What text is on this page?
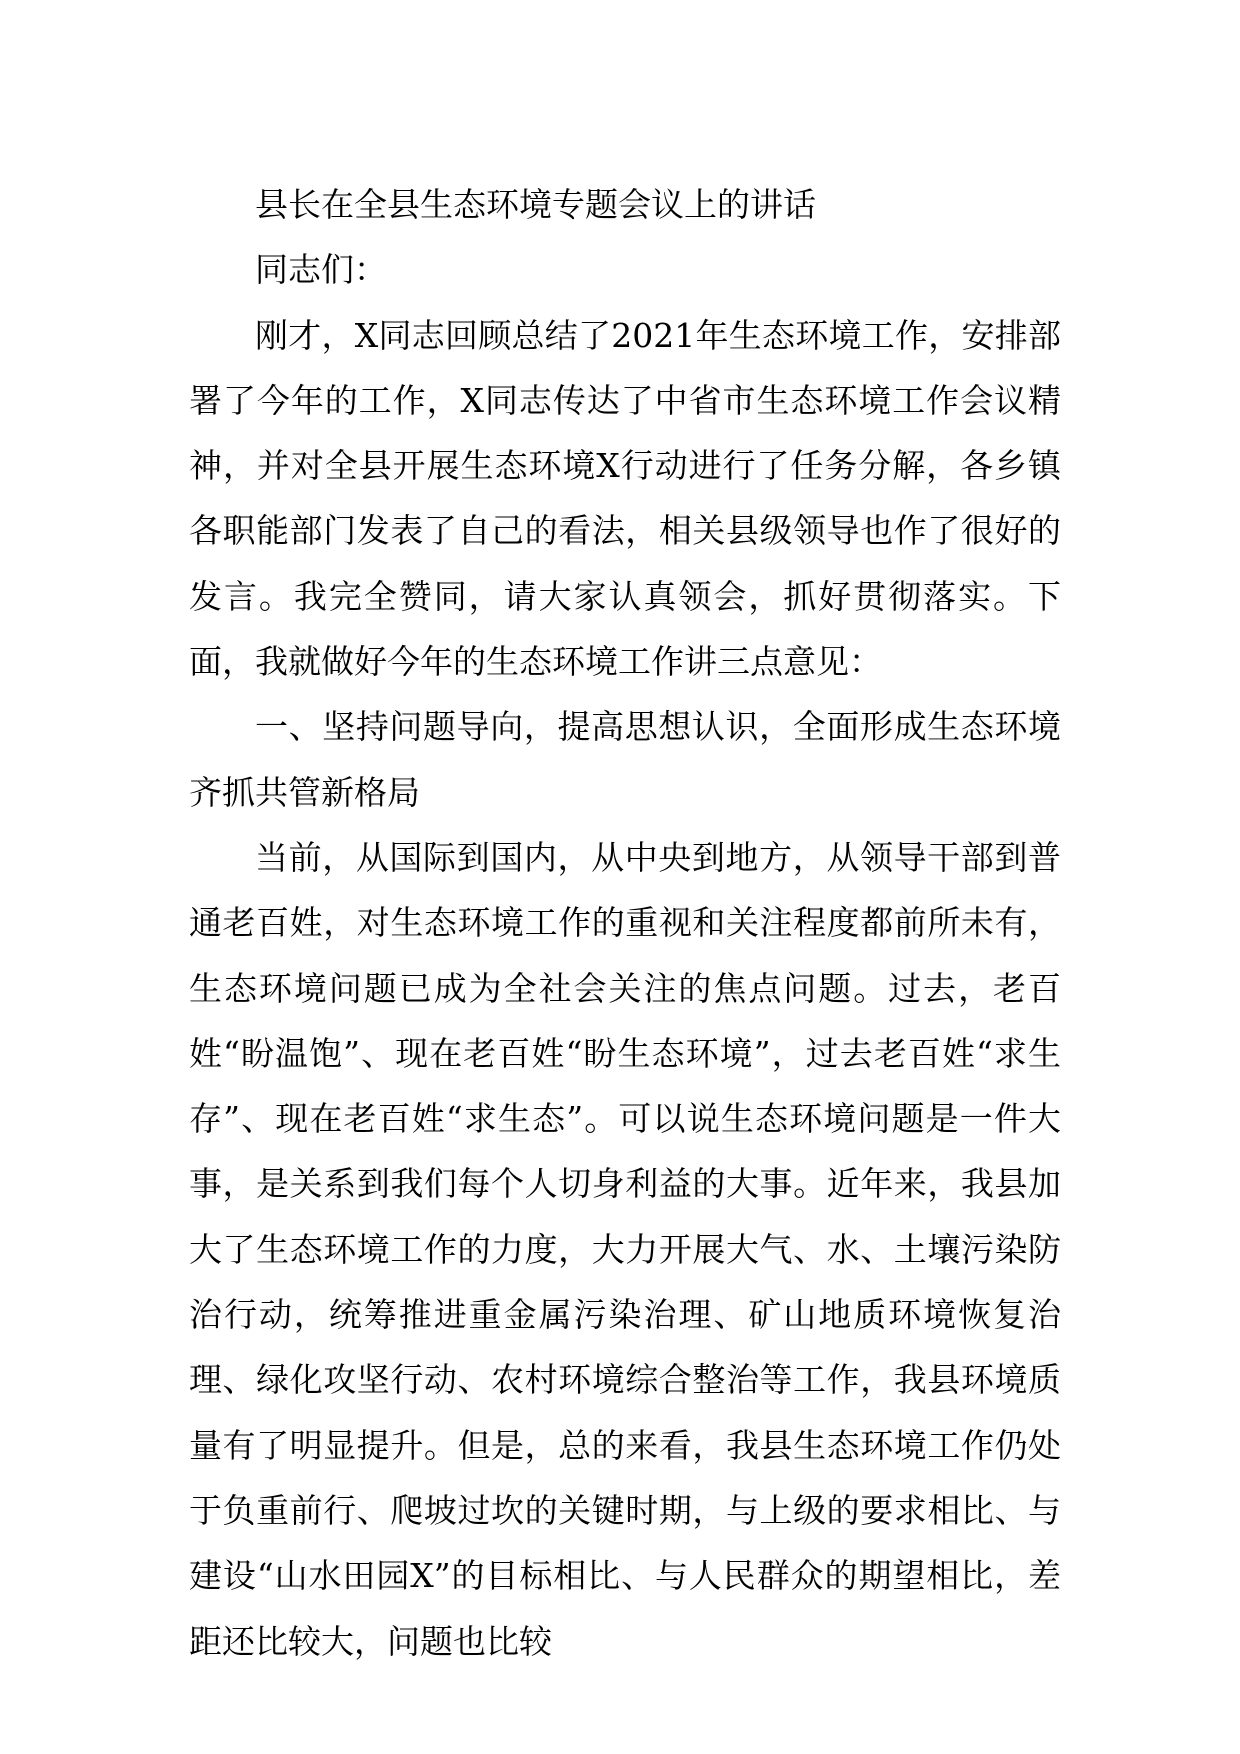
县长在全县生态环境专题会议上的讲话

同志们：

刚才，X同志回顾总结了2021年生态环境工作，安排部署了今年的工作，X同志传达了中省市生态环境工作会议精神，并对全县开展生态环境X行动进行了任务分解，各乡镇各职能部门发表了自己的看法，相关县级领导也作了很好的发言。我完全赞同，请大家认真领会，抓好贯彻落实。下面，我就做好今年的生态环境工作讲三点意见：

一、坚持问题导向，提高思想认识，全面形成生态环境齐抓共管新格局

当前，从国际到国内，从中央到地方，从领导干部到普通老百姓，对生态环境工作的重视和关注程度都前所未有，生态环境问题已成为全社会关注的焦点问题。过去，老百姓“盼温饱”、现在老百姓“盼生态环境”，过去老百姓“求生存”、现在老百姓“求生态”。可以说生态环境问题是一件大事，是关系到我们每个人切身利益的大事。近年来，我县加大了生态环境工作的力度，大力开展大气、水、土壤污染防治行动，统筹推进重金属污染治理、矿山地质环境恢复治理、绿化攻坚行动、农村环境综合整治等工作，我县环境质量有了明显提升。但是，总的来看，我县生态环境工作仍处于负重前行、爬坡过坎的关键时期，与上级的要求相比、与建设“山水田园X”的目标相比、与人民群众的期望相比，差距还比较大，问题也比较
